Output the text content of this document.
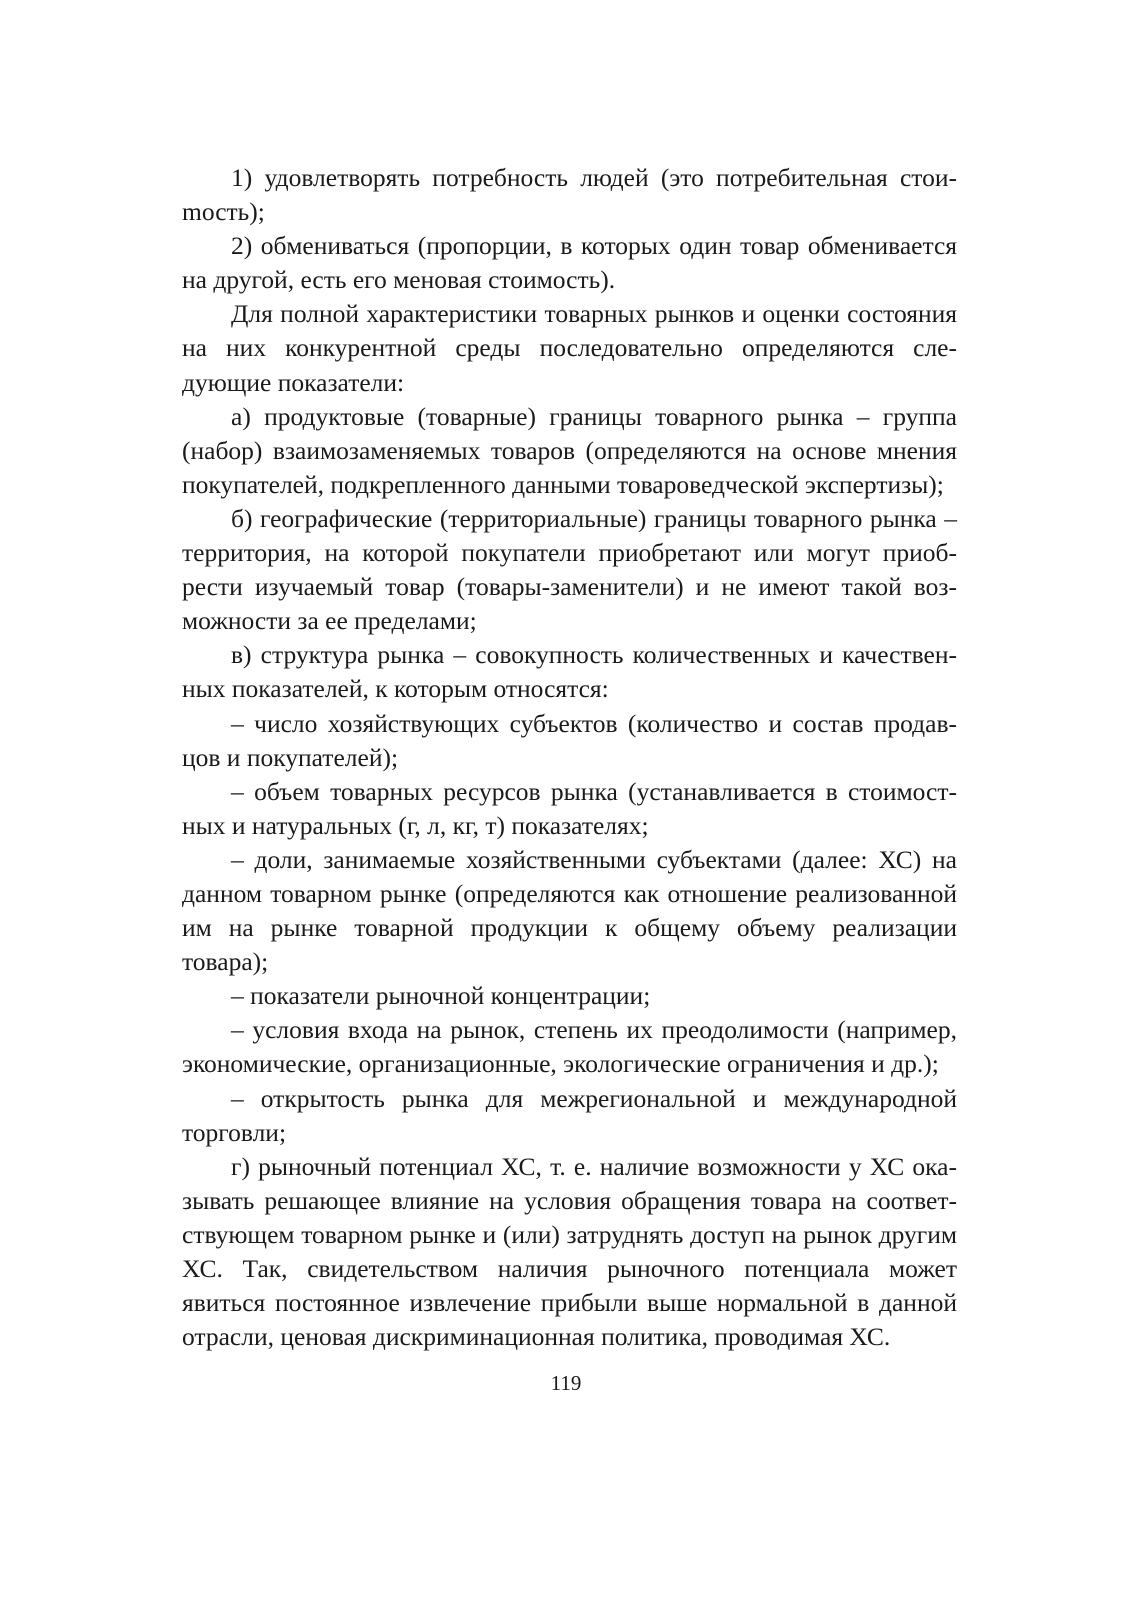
1) удовлетворять потребность людей (это потребительная стоиmость);

2) обмениваться (пропорции, в которых один товар обменивается на другой, есть его меновая стоимость).

Для полной характеристики товарных рынков и оценки состояния на них конкурентной среды последовательно определяются следующие показатели:

а) продуктовые (товарные) границы товарного рынка – группа (набор) взаимозаменяемых товаров (определяются на основе мнения покупателей, подкрепленного данными товароведческой экспертизы);

б) географические (территориальные) границы товарного рынка – территория, на которой покупатели приобретают или могут приобрести изучаемый товар (товары-заменители) и не имеют такой возможности за ее пределами;

в) структура рынка – совокупность количественных и качественных показателей, к которым относятся:

– число хозяйствующих субъектов (количество и состав продавцов и покупателей);

– объем товарных ресурсов рынка (устанавливается в стоимостных и натуральных (г, л, кг, т) показателях;

– доли, занимаемые хозяйственными субъектами (далее: ХС) на данном товарном рынке (определяются как отношение реализованной им на рынке товарной продукции к общему объему реализации товара);

– показатели рыночной концентрации;

– условия входа на рынок, степень их преодолимости (например, экономические, организационные, экологические ограничения и др.);

– открытость рынка для межрегиональной и международной торговли;

г) рыночный потенциал ХС, т. е. наличие возможности у ХС оказывать решающее влияние на условия обращения товара на соответствующем товарном рынке и (или) затруднять доступ на рынок другим ХС. Так, свидетельством наличия рыночного потенциала может явиться постоянное извлечение прибыли выше нормальной в данной отрасли, ценовая дискриминационная политика, проводимая ХС.

119
